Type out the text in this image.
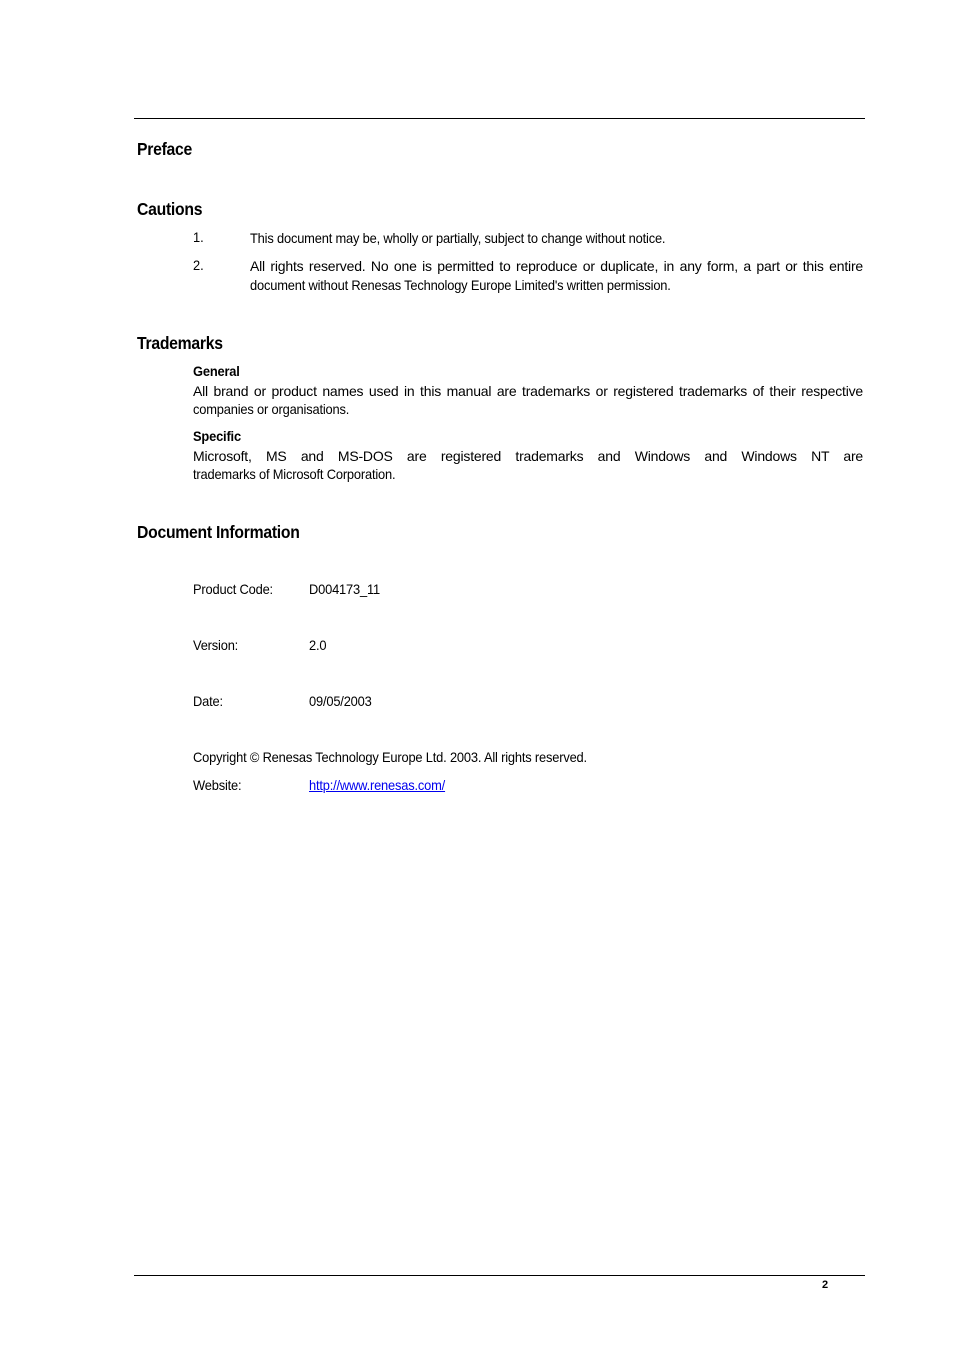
Preface
Cautions
1.	This document may be, wholly or partially, subject to change without notice.
2.	All rights reserved. No one is permitted to reproduce or duplicate, in any form, a part or this entire
document without Renesas Technology Europe Limited's written permission.
Trademarks
General
All brand or product names used in this manual are trademarks or registered trademarks of their respective
companies or organisations.
Specific
Microsoft, MS and MS-DOS are registered trademarks and Windows and Windows NT are
trademarks of Microsoft Corporation.
Document Information
Product Code:	D004173_11
Version:	2.0
Date:	09/05/2003
Copyright © Renesas Technology Europe Ltd. 2003. All rights reserved.
Website:	http://www.renesas.com/
2
